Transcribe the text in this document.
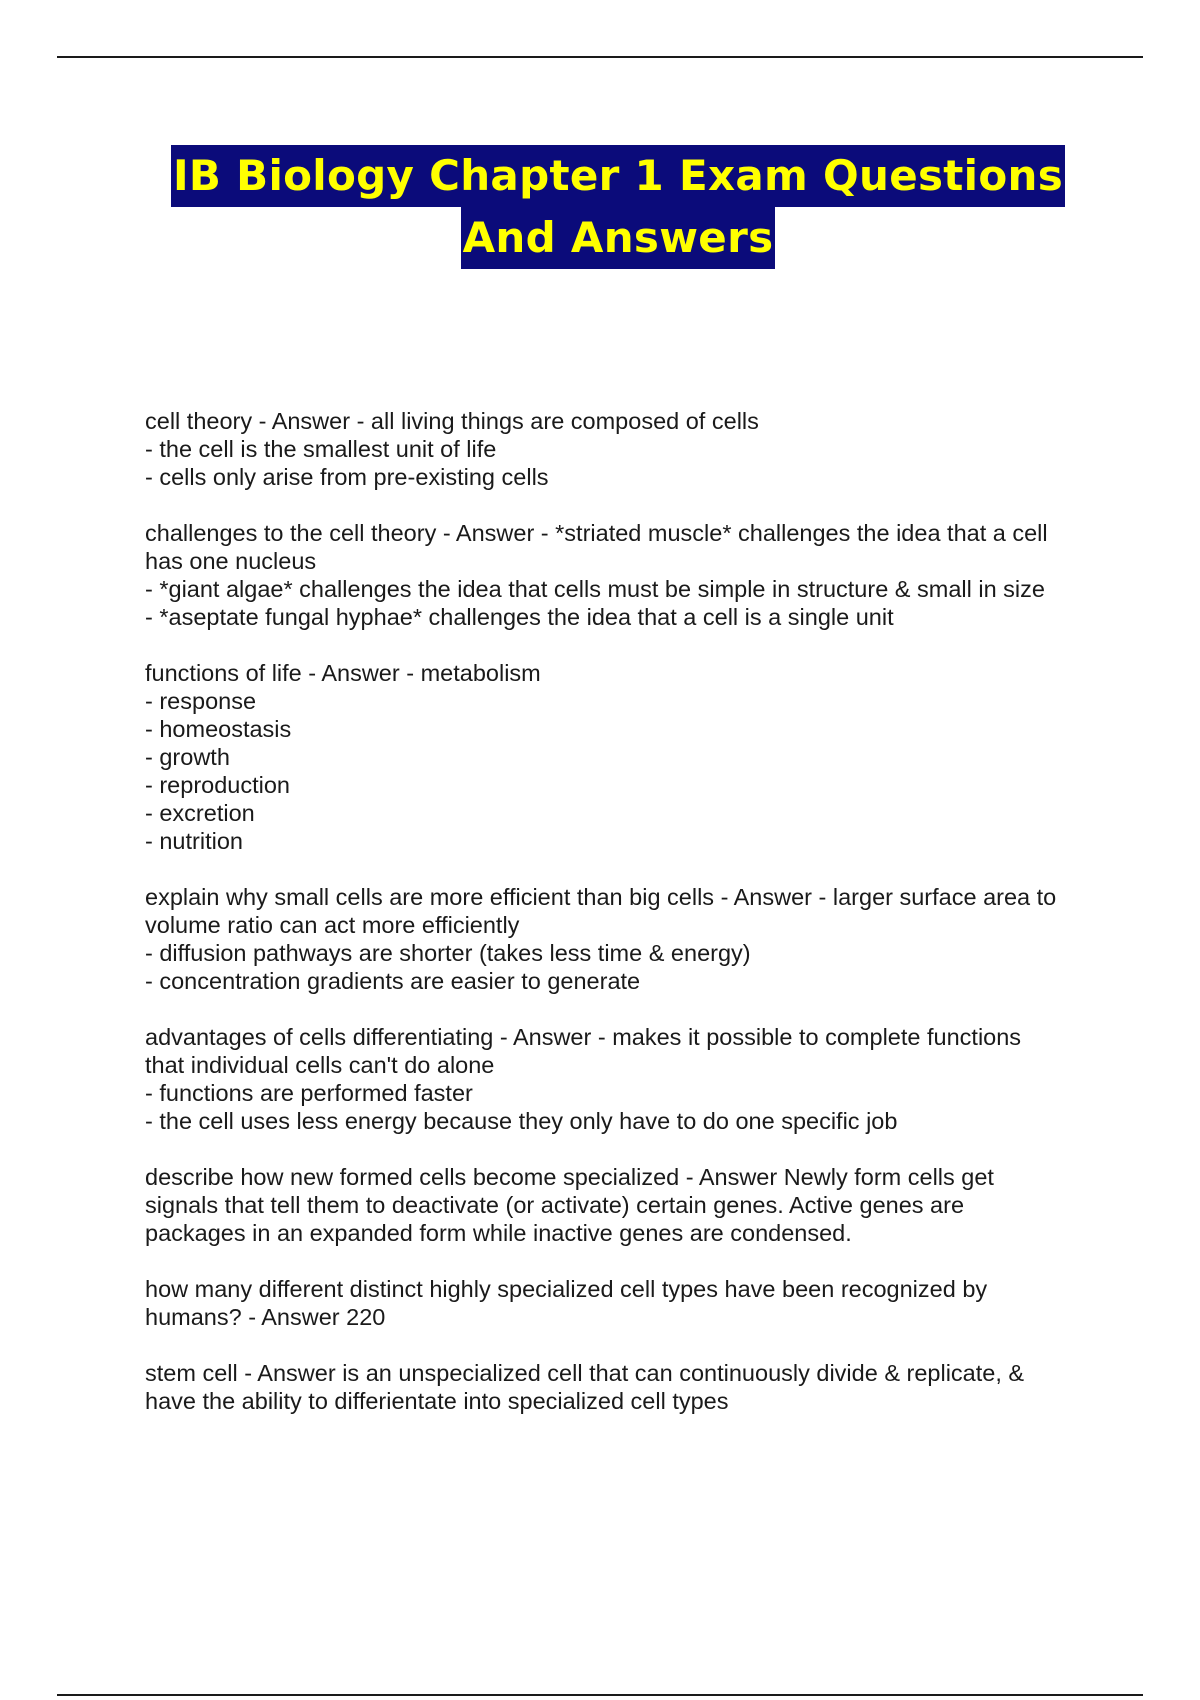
IB Biology Chapter 1 Exam Questions
And Answers

cell theory - Answer - all living things are composed of cells

- the cell is the smallest unit of life

- cells only arise from pre-existing cells

challenges to the cell theory - Answer - *striated muscle* challenges the idea that a cell

has one nucleus

- *giant algae* challenges the idea that cells must be simple in structure & small in size

- *aseptate fungal hyphae* challenges the idea that a cell is a single unit

functions of life - Answer - metabolism

- response

- homeostasis

- growth

- reproduction

- excretion

- nutrition

explain why small cells are more efficient than big cells - Answer - larger surface area to

volume ratio can act more efficiently

- diffusion pathways are shorter (takes less time & energy)

- concentration gradients are easier to generate

advantages of cells differentiating - Answer - makes it possible to complete functions

that individual cells can't do alone

- functions are performed faster

- the cell uses less energy because they only have to do one specific job

describe how new formed cells become specialized - Answer Newly form cells get

signals that tell them to deactivate (or activate) certain genes. Active genes are

packages in an expanded form while inactive genes are condensed.

how many different distinct highly specialized cell types have been recognized by

humans? - Answer 220

stem cell - Answer is an unspecialized cell that can continuously divide & replicate, &

have the ability to differientate into specialized cell types
